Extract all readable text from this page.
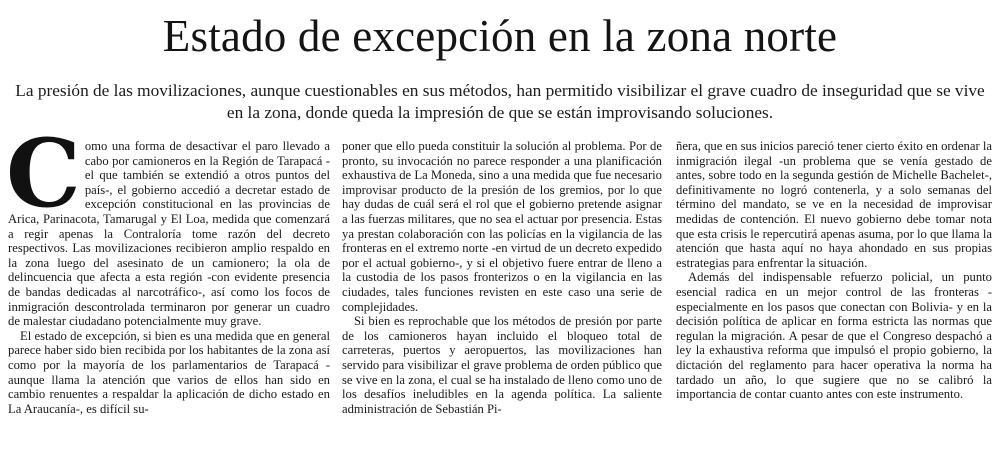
Estado de excepción en la zona norte

La presión de las movilizaciones, aunque cuestionables en sus métodos, han permitido visibilizar el grave cuadro de inseguridad que se vive en la zona, donde queda la impresión de que se están improvisando soluciones.

Como una forma de desactivar el paro llevado a cabo por camioneros en la Región de Tarapacá -el que también se extendió a otros puntos del país-, el gobierno accedió a decretar estado de excepción constitucional en las provincias de Arica, Parinacota, Tamarugal y El Loa, medida que comenzará a regir apenas la Contraloría tome razón del decreto respectivos. Las movilizaciones recibieron amplio respaldo en la zona luego del asesinato de un camionero; la ola de delincuencia que afecta a esta región -con evidente presencia de bandas dedicadas al narcotráfico-, así como los focos de inmigración descontrolada terminaron por generar un cuadro de malestar ciudadano potencialmente muy grave.

El estado de excepción, si bien es una medida que en general parece haber sido bien recibida por los habitantes de la zona así como por la mayoría de los parlamentarios de Tarapacá -aunque llama la atención que varios de ellos han sido en cambio renuentes a respaldar la aplicación de dicho estado en La Araucanía-, es difícil su-

poner que ello pueda constituir la solución al problema. Por de pronto, su invocación no parece responder a una planificación exhaustiva de La Moneda, sino a una medida que fue necesario improvisar producto de la presión de los gremios, por lo que hay dudas de cuál será el rol que el gobierno pretende asignar a las fuerzas militares, que no sea el actuar por presencia. Estas ya prestan colaboración con las policías en la vigilancia de las fronteras en el extremo norte -en virtud de un decreto expedido por el actual gobierno-, y si el objetivo fuere entrar de lleno a la custodia de los pasos fronterizos o en la vigilancia en las ciudades, tales funciones revisten en este caso una serie de complejidades.

Si bien es reprochable que los métodos de presión por parte de los camioneros hayan incluido el bloqueo total de carreteras, puertos y aeropuertos, las movilizaciones han servido para visibilizar el grave problema de orden público que se vive en la zona, el cual se ha instalado de lleno como uno de los desafíos ineludibles en la agenda política. La saliente administración de Sebastián Pi-

ñera, que en sus inicios pareció tener cierto éxito en ordenar la inmigración ilegal -un problema que se venía gestado de antes, sobre todo en la segunda gestión de Michelle Bachelet-, definitivamente no logró contenerla, y a solo semanas del término del mandato, se ve en la necesidad de improvisar medidas de contención. El nuevo gobierno debe tomar nota que esta crisis le repercutirá apenas asuma, por lo que llama la atención que hasta aquí no haya ahondado en sus propias estrategias para enfrentar la situación.

Además del indispensable refuerzo policial, un punto esencial radica en un mejor control de las fronteras -especialmente en los pasos que conectan con Bolivia- y en la decisión política de aplicar en forma estricta las normas que regulan la migración. A pesar de que el Congreso despachó a ley la exhaustiva reforma que impulsó el propio gobierno, la dictación del reglamento para hacer operativa la norma ha tardado un año, lo que sugiere que no se calibró la importancia de contar cuanto antes con este instrumento.
